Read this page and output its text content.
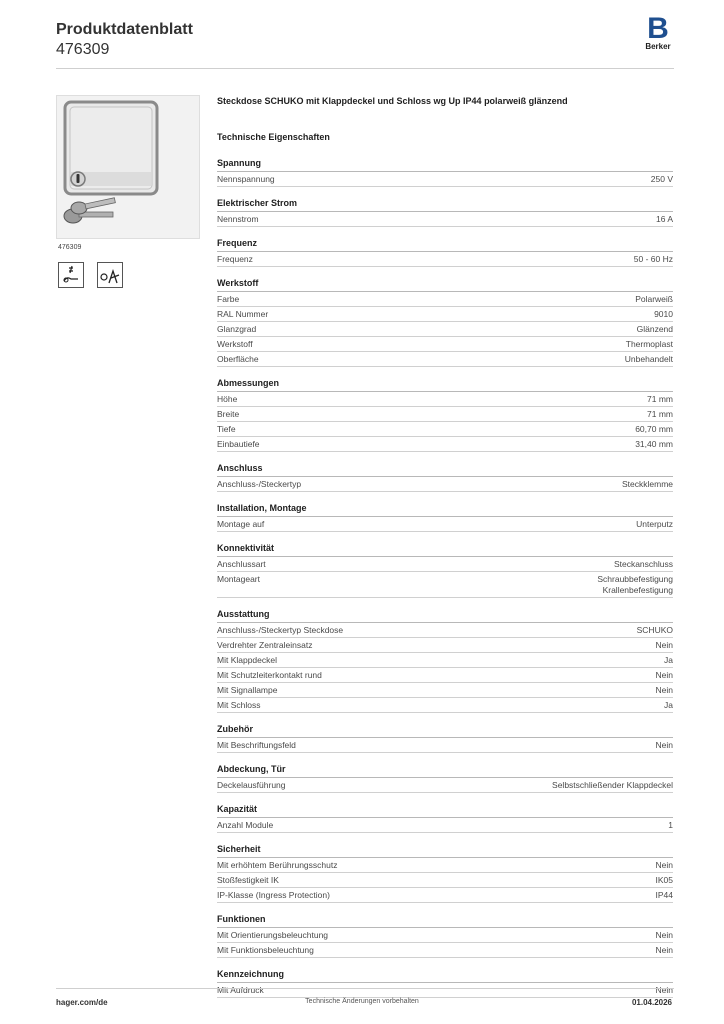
Produktdatenblatt
476309
B
Berker
476309
Steckdose SCHUKO mit Klappdeckel und Schloss wg Up IP44 polarweiß glänzend
Technische Eigenschaften
Spannung
Nennspannung	250 V
Elektrischer Strom
Nennstrom	16 A
Frequenz
Frequenz	50 - 60 Hz
Werkstoff
Farbe	Polarweiß
RAL Nummer	9010
Glanzgrad	Glänzend
Werkstoff	Thermoplast
Oberfläche	Unbehandelt
Abmessungen
Höhe	71 mm
Breite	71 mm
Tiefe	60,70 mm
Einbautiefe	31,40 mm
Anschluss
Anschluss-/Steckertyp	Steckklemme
Installation, Montage
Montage auf	Unterputz
Konnektivität
Anschlussart	Steckanschluss
Montageart	Schraubbefestigung
Krallenbefestigung
Ausstattung
Anschluss-/Steckertyp Steckdose	SCHUKO
Verdrehter Zentraleinsatz	Nein
Mit Klappdeckel	Ja
Mit Schutzleiterkontakt rund	Nein
Mit Signallampe	Nein
Mit Schloss	Ja
Zubehör
Mit Beschriftungsfeld	Nein
Abdeckung, Tür
Deckelausführung	Selbstschließender Klappdeckel
Kapazität
Anzahl Module	1
Sicherheit
Mit erhöhtem Berührungsschutz	Nein
Stoßfestigkeit IK	IK05
IP-Klasse (Ingress Protection)	IP44
Funktionen
Mit Orientierungsbeleuchtung	Nein
Mit Funktionsbeleuchtung	Nein
Kennzeichnung
Mit Aufdruck	Nein
hager.com/de	Technische Änderungen vorbehalten	01.04.2026
